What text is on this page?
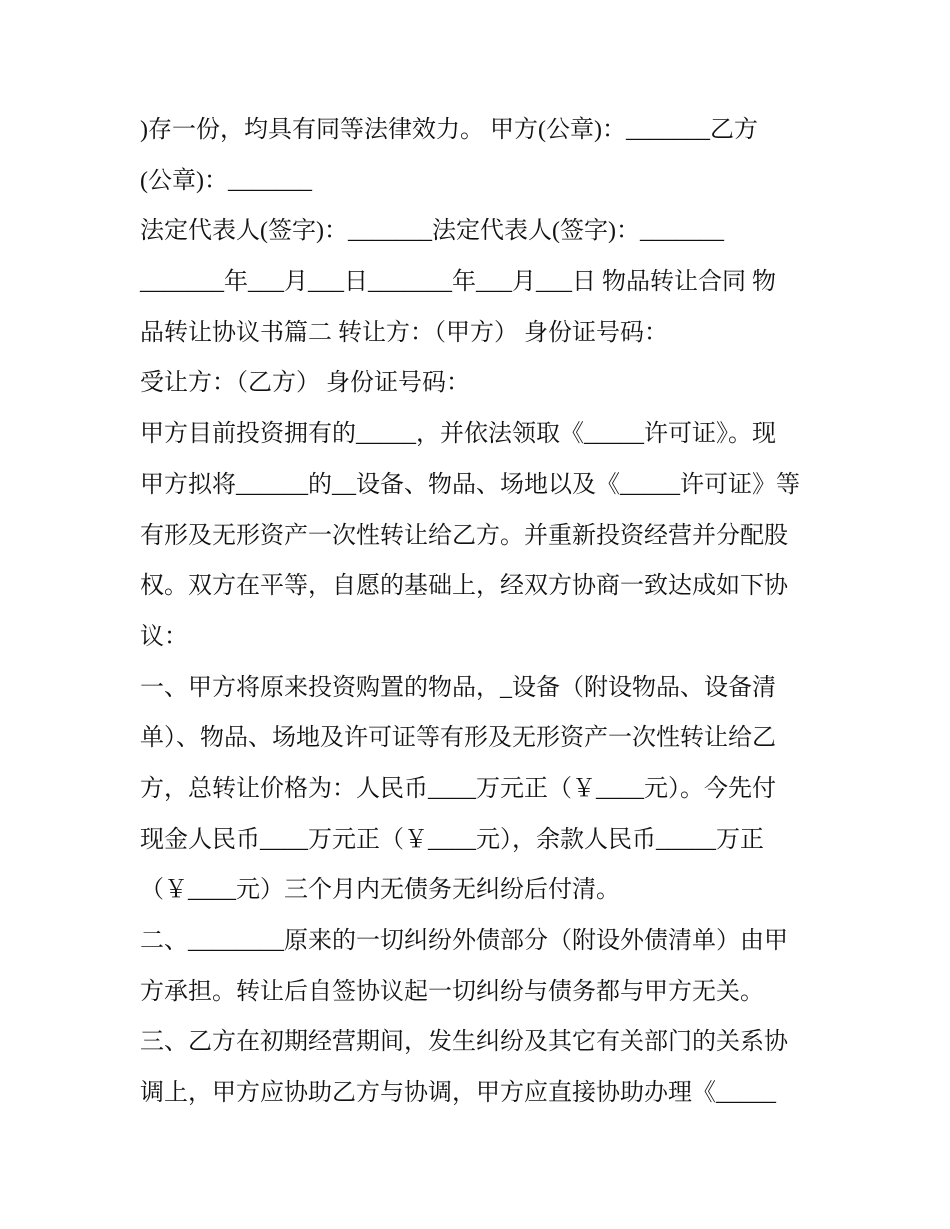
)存一份，均具有同等法律效力。 甲方(公章)：_______乙方
(公章)：_______
法定代表人(签字)：_______法定代表人(签字)：_______
_______年___月___日_______年___月___日 物品转让合同 物
品转让协议书篇二 转让方：（甲方） 身份证号码：
受让方：（乙方） 身份证号码：
甲方目前投资拥有的_____，并依法领取《_____许可证》。现
甲方拟将______的__设备、物品、场地以及《_____许可证》等
有形及无形资产一次性转让给乙方。并重新投资经营并分配股
权。双方在平等，自愿的基础上，经双方协商一致达成如下协
议：
一、甲方将原来投资购置的物品，_设备（附设物品、设备清
单）、物品、场地及许可证等有形及无形资产一次性转让给乙
方，总转让价格为：人民币____万元正（￥____元）。今先付
现金人民币____万元正（￥____元），余款人民币_____万正
（￥____元）三个月内无债务无纠纷后付清。
二、________原来的一切纠纷外债部分（附设外债清单）由甲
方承担。转让后自签协议起一切纠纷与债务都与甲方无关。
三、乙方在初期经营期间，发生纠纷及其它有关部门的关系协
调上，甲方应协助乙方与协调，甲方应直接协助办理《_____
